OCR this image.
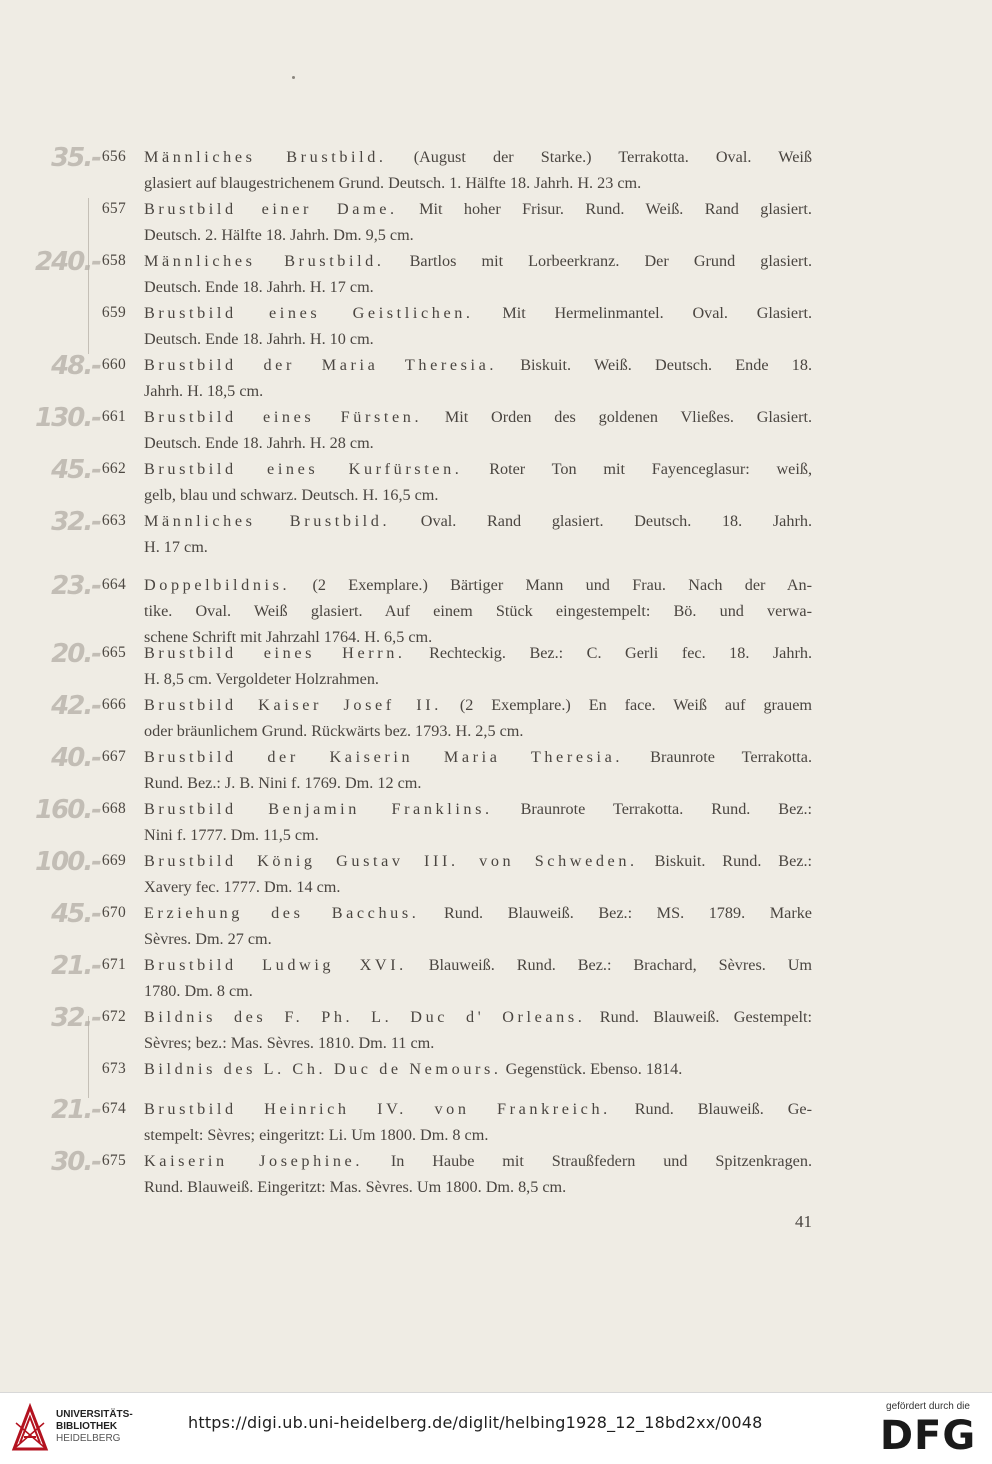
35.- 656 Männliches Brustbild. (August der Starke.) Terrakotta. Oval. Weiß
glasiert auf blaugestrichenem Grund. Deutsch. 1. Hälfte 18. Jahrh. H. 23 cm.
657 Brustbild einer Dame. Mit hoher Frisur. Rund. Weiß. Rand glasiert.
Deutsch. 2. Hälfte 18. Jahrh. Dm. 9,5 cm.
240.- 658 Männliches Brustbild. Bartlos mit Lorbeerkranz. Der Grund glasiert.
Deutsch. Ende 18. Jahrh. H. 17 cm.
659 Brustbild eines Geistlichen. Mit Hermelinmantel. Oval. Glasiert.
Deutsch. Ende 18. Jahrh. H. 10 cm.
48.- 660 Brustbild der Maria Theresia. Biskuit. Weiß. Deutsch. Ende 18.
Jahrh. H. 18,5 cm.
130.- 661 Brustbild eines Fürsten. Mit Orden des goldenen Vließes. Glasiert.
Deutsch. Ende 18. Jahrh. H. 28 cm.
45.- 662 Brustbild eines Kurfürsten. Roter Ton mit Fayenceglasur: weiß,
gelb, blau und schwarz. Deutsch. H. 16,5 cm.
32.- 663 Männliches Brustbild. Oval. Rand glasiert. Deutsch. 18. Jahrh.
H. 17 cm.
23.- 664 Doppelbildnis. (2 Exemplare.) Bärtiger Mann und Frau. Nach der An-
tike. Oval. Weiß glasiert. Auf einem Stück eingestempelt: Bö. und verwa-
schene Schrift mit Jahrzahl 1764. H. 6,5 cm.
20.- 665 Brustbild eines Herrn. Rechteckig. Bez.: C. Gerli fec. 18. Jahrh.
H. 8,5 cm. Vergoldeter Holzrahmen.
42.- 666 Brustbild Kaiser Josef II. (2 Exemplare.) En face. Weiß auf grauem
oder bräunlichem Grund. Rückwärts bez. 1793. H. 2,5 cm.
40.- 667 Brustbild der Kaiserin Maria Theresia. Braunrote Terrakotta.
Rund. Bez.: J. B. Nini f. 1769. Dm. 12 cm.
160.- 668 Brustbild Benjamin Franklins. Braunrote Terrakotta. Rund. Bez.:
Nini f. 1777. Dm. 11,5 cm.
100.- 669 Brustbild König Gustav III. von Schweden. Biskuit. Rund. Bez.:
Xavery fec. 1777. Dm. 14 cm.
45.- 670 Erziehung des Bacchus. Rund. Blauweiß. Bez.: MS. 1789. Marke
Sèvres. Dm. 27 cm.
21.- 671 Brustbild Ludwig XVI. Blauweiß. Rund. Bez.: Brachard, Sèvres. Um
1780. Dm. 8 cm.
32.- 672 Bildnis des F. Ph. L. Duc d' Orleans. Rund. Blauweiß. Gestempelt:
Sèvres; bez.: Mas. Sèvres. 1810. Dm. 11 cm.
673 Bildnis des L. Ch. Duc de Nemours. Gegenstück. Ebenso. 1814.
21.- 674 Brustbild Heinrich IV. von Frankreich. Rund. Blauweiß. Ge-
stempelt: Sèvres; eingeritzt: Li. Um 1800. Dm. 8 cm.
30.- 675 Kaiserin Josephine. In Haube mit Straußfedern und Spitzenkragen.
Rund. Blauweiß. Eingeritzt: Mas. Sèvres. Um 1800. Dm. 8,5 cm.
41
UNIVERSITÄTS-
BIBLIOTHEK
HEIDELBERG
https://digi.ub.uni-heidelberg.de/diglit/helbing1928_12_18bd2xx/0048
gefördert durch die
DFG
